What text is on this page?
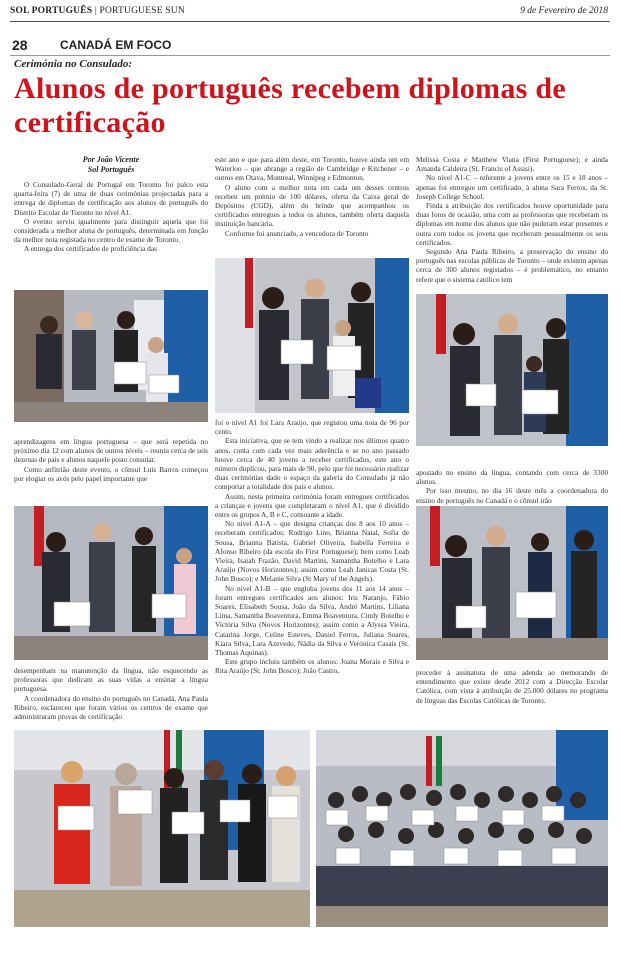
SOL PORTUGUÊS | PORTUGUESE SUN	9 de Fevereiro de 2018
28	CANADÁ EM FOCO
Cerimónia no Consulado:
Alunos de português recebem diplomas de certificação
Por João Vicente
Sol Português

O Consulado-Geral de Portugal em Toronto foi palco esta quarta-feira (7) de uma de duas cerimónias projectadas para a entrega de diplomas de certificação aos alunos de português do Distrito Escolar de Toronto no nível A1.

O evento serviu igualmente para distinguir aquela que foi considerada a melhor aluna de português, determinada em função da melhor nota registada no centro de exame de Toronto.

A entrega dos certificados de proficiência das

aprendizagens em língua portuguesa – que será repetida no próximo dia 12 com alunos de outros níveis – reuniu cerca de seis dezenas de pais e alunos naquele posto consular.

Como anfitrião deste evento, o cônsul Luís Barros começou por elogiar os avós pelo papel importante que

desempenham na manutenção da língua, não esquecendo as professoras que dedicam as suas vidas a ensinar a língua portuguesa.

A coordenadora do ensino do português no Canadá, Ana Paula Ribeiro, esclareceu que foram vários os centros de exame que administraram provas de certificação

este ano e que para além deste, em Toronto, houve ainda um em Waterloo – que abrange a região de Cambridge e Kitchener – e outros em Otava, Montreal, Winnipeg e Edmonton.

O aluno com a melhor nota em cada um desses centros recebeu um prémio de 100 dólares, oferta da Caixa geral de Depósitos (CGD), além do brinde que acompanhou os certificados entregues a todos os alunos, também oferta daquela instituição bancária.

Conforme foi anunciado, a vencedora de Toronto

foi o nível A1 foi Lara Araújo, que registou uma nota de 96 por cento.

Esta iniciativa, que se tem vindo a realizar nos últimos quatro anos, conta com cada vez mais aderência e se no ano passado houve cerca de 40 jovens a receber certificados, este ano o número duplicou, para mais de 90, pelo que foi necessário realizar duas cerimónias dado o espaço da galeria do Consulado já não comportar a totalidade dos pais e alunos.

Assim, nesta primeira cerimónia foram entregues certificados a crianças e jovens que completaram o nível A1, que é dividido entre os grupos A, B e C, consoante a idade.

No nível A1-A – que designa crianças dos 8 aos 10 anos – receberam certificados: Rodrigo Lino, Brianna Natal, Sofia de Sousa, Brianna Batista, Gabriel Oliveira, Isabella Ferreira e Afonso Ribeiro (da escola do First Portuguese); bem como Leah Vieira, Isaiah Frazão, David Martins, Samantha Botelho e Lara Araújo (Novos Horizontes); assim como Leah Janicas Costa (St. John Bosco); e Melanie Silva (St Mary of the Angels).

No nível A1-B – que engloba jovens dos 11 aos 14 anos – foram entregues certificados aos alunos: Iris Naranjo, Fábio Soares, Elisabeth Sousa, João da Silva, André Martins, Liliana Lima, Samantha Boaventura, Emma Boaventura, Cindy Botelho e Victória Silva (Novos Horizontes); assim como a Alyssa Vieira, Catarina Jorge, Celine Esteves, Daniel Ferros, Juliana Soares, Kiara Silva, Lara Azevedo, Nádia da Silva e Verónica Casais (St. Thomas Aquinas).

Este grupo incluiu também os alunos: Joana Morais e Silva e Rita Araújo (St. John Bosco); João Castro,

Melissa Costa e Matthew Viana (First Portuguese); e ainda Amanda Caldeira (St. Francis of Assisi).

No nível A1-C – referente a jovens entre os 15 e 18 anos – apenas foi entregue um certificado, à aluna Sara Ferros, da St. Joseph College School.

Finda a atribuição dos certificados houve oportunidade para duas fotos de ocasião, uma com as professoras que receberam os diplomas em nome dos alunos que não puderam estar presentes e outra com todos os jovens que receberam pessoalmente os seus certificados.

Segundo Ana Paula Ribeiro, a preservação do ensino do português nas escolas públicas de Toronto – onde existem apenas cerca de 300 alunos registados – é problemático, no entanto refere que o sistema católico tem

apostado no ensino da língua, contando com cerca de 3300 alunos.

Por isso mesmo, no dia 16 deste mês a coordenadora do ensino de português no Canadá e o cônsul irão

proceder à assinatura de uma adenda ao memorando de entendimento que existe desde 2012 com a Direcção Escolar Católica, com vista à atribuição de 25.000 dólares no programa de línguas das Escolas Católicas de Toronto.
